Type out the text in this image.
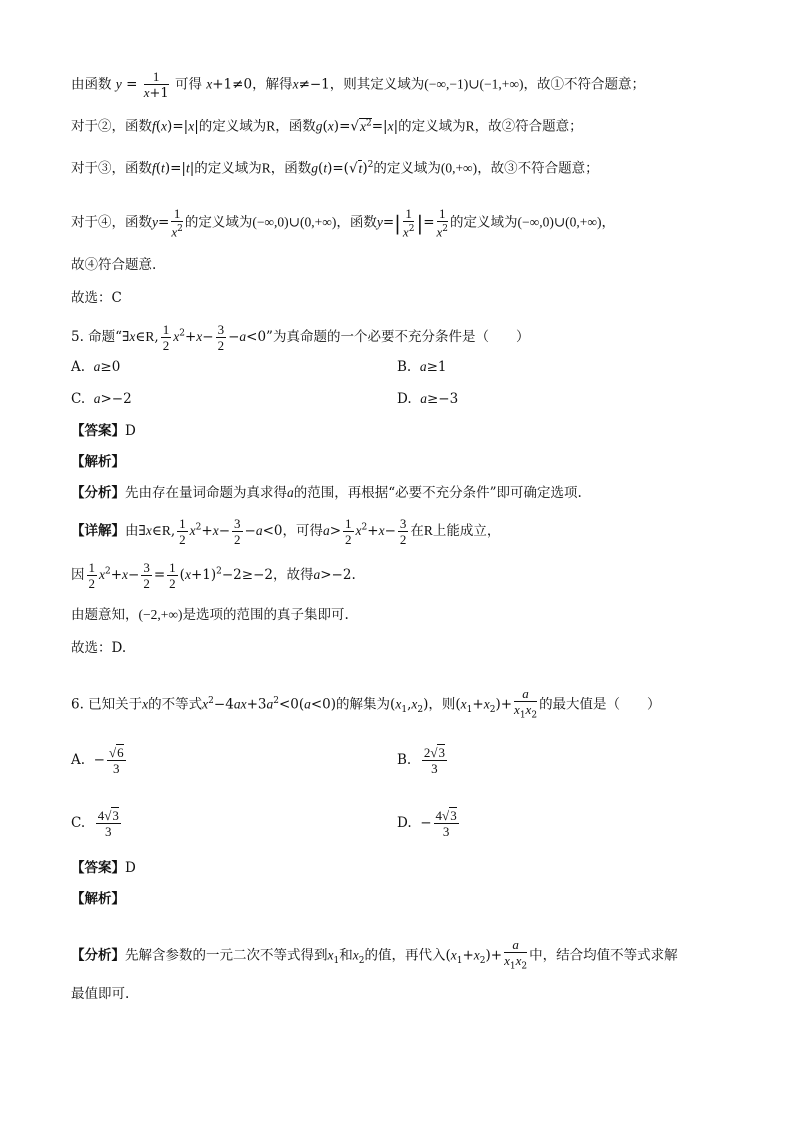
由函数 $y = \frac{1}{x+1}$ 可得 x+1≠0，解得x≠−1，则其定义域为(−∞,−1)∪(−1,+∞)，故①不符合题意；
对于②，函数f(x)=|x|的定义域为R，函数$g(x)=√x^2=|x|$的定义域为R，故②符合题意；
对于③，函数f(t)=|t|的定义域为R，函数$g(t)=(√t)^2$的定义域为(0,+∞)，故③不符合题意；
对于④，函数$y= \frac{1}{x^2}$ 的定义域为(−∞,0)∪(0,+∞)，函数$y=| \frac{1}{x^2}$ |= $\frac{1}{x^2}$ 的定义域为(−∞,0)∪(0,+∞)，
故④符合题意.
故选：C
5. 命题“∃x∈R, $\frac{1}{2} x^2+x- \frac{3}{2} -a<0$”为真命题的一个必要不充分条件是（　　）
A. a≥0	B. a≥1
C. a>−2	D. a≥−3
【答案】D
【解析】
【分析】先由存在量词命题为真求得a的范围，再根据“必要不充分条件”即可确定选项.
【详解】由∃x∈R, $\frac{1}{2} x^2+x- \frac{3}{2} -a<0$，可得$a> \frac{1}{2} x^2+x- \frac{3}{2}$ 在R上能成立，
因 $\frac{1}{2} x^2+x- \frac{3}{2} = \frac{1}{2} (x+1)^2-2\ge-2$，故得a>−2.
由题意知，(−2,+∞)是选项的范围的真子集即可.
故选：D.
6. 已知关于x的不等式$x^2-4ax+3a^2<0(a<0)$的解集为$(x_1,x_2)$，则$(x_1+x_2)+ \frac{a}{x_1x_2}$ 的最大值是（　　）
A.  − $\frac{√6}{3}$	B. $\frac{2√3}{3}$
C. $\frac{4√3}{3}$	D.  − $\frac{4√3}{3}$
【答案】D
【解析】
【分析】先解含参数的一元二次不等式得到$x_1$和$x_2$的值，再代入$(x_1+x_2)+ \frac{a}{x_1x_2}$ 中，结合均值不等式求解
最值即可.
